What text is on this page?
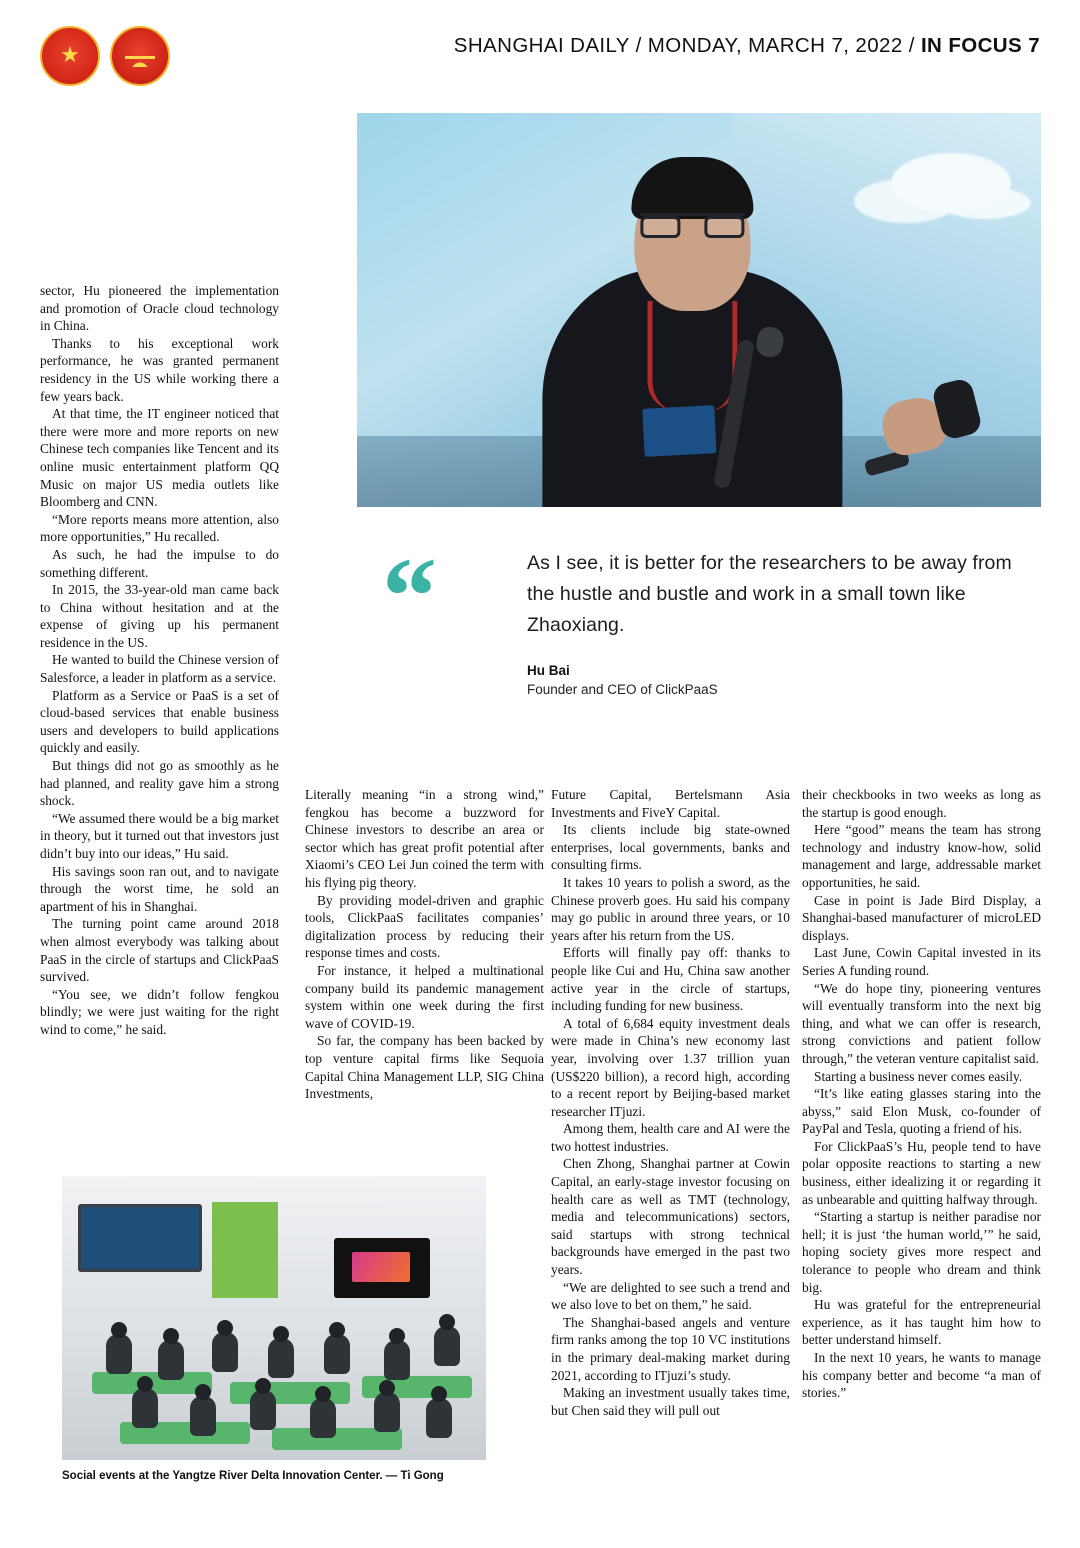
★
SHANGHAI DAILY / MONDAY, MARCH 7, 2022 / IN FOCUS 7
“	As I see, it is better for the researchers to be away from the hustle and bustle and work in a small town like Zhaoxiang.
Hu Bai
Founder and CEO of ClickPaaS

sector, Hu pioneered the implementation and promotion of Oracle cloud technology in China.

Thanks to his exceptional work performance, he was granted permanent residency in the US while working there a few years back.

At that time, the IT engineer noticed that there were more and more reports on new Chinese tech companies like Tencent and its online music entertainment platform QQ Music on major US media outlets like Bloomberg and CNN.

“More reports means more attention, also more opportunities,” Hu recalled.

As such, he had the impulse to do something different.

In 2015, the 33-year-old man came back to China without hesitation and at the expense of giving up his permanent residence in the US.

He wanted to build the Chinese version of Salesforce, a leader in platform as a service.

Platform as a Service or PaaS is a set of cloud-based services that enable business users and developers to build applications quickly and easily.

But things did not go as smoothly as he had planned, and reality gave him a strong shock.

“We assumed there would be a big market in theory, but it turned out that investors just didn’t buy into our ideas,” Hu said.

His savings soon ran out, and to navigate through the worst time, he sold an apartment of his in Shanghai.

The turning point came around 2018 when almost everybody was talking about PaaS in the circle of startups and ClickPaaS survived.

“You see, we didn’t follow fengkou blindly; we were just waiting for the right wind to come,” he said.

Literally meaning “in a strong wind,” fengkou has become a buzzword for Chinese investors to describe an area or sector which has great profit potential after Xiaomi’s CEO Lei Jun coined the term with his flying pig theory.

By providing model-driven and graphic tools, ClickPaaS facilitates companies’ digitalization process by reducing their response times and costs.

For instance, it helped a multinational company build its pandemic management system within one week during the first wave of COVID-19.

So far, the company has been backed by top venture capital firms like Sequoia Capital China Management LLP, SIG China Investments,

Future Capital, Bertelsmann Asia Investments and FiveY Capital.

Its clients include big state-owned enterprises, local governments, banks and consulting firms.

It takes 10 years to polish a sword, as the Chinese proverb goes. Hu said his company may go public in around three years, or 10 years after his return from the US.

Efforts will finally pay off: thanks to people like Cui and Hu, China saw another active year in the circle of startups, including funding for new business.

A total of 6,684 equity investment deals were made in China’s new economy last year, involving over 1.37 trillion yuan (US$220 billion), a record high, according to a recent report by Beijing-based market researcher ITjuzi.

Among them, health care and AI were the two hottest industries.

Chen Zhong, Shanghai partner at Cowin Capital, an early-stage investor focusing on health care as well as TMT (technology, media and telecommunications) sectors, said startups with strong technical backgrounds have emerged in the past two years.

“We are delighted to see such a trend and we also love to bet on them,” he said.

The Shanghai-based angels and venture firm ranks among the top 10 VC institutions in the primary deal-making market during 2021, according to ITjuzi’s study.

Making an investment usually takes time, but Chen said they will pull out

their checkbooks in two weeks as long as the startup is good enough.

Here “good” means the team has strong technology and industry know-how, solid management and large, addressable market opportunities, he said.

Case in point is Jade Bird Display, a Shanghai-based manufacturer of microLED displays.

Last June, Cowin Capital invested in its Series A funding round.

“We do hope tiny, pioneering ventures will eventually transform into the next big thing, and what we can offer is research, strong convictions and patient follow through,” the veteran venture capitalist said.

Starting a business never comes easily.

“It’s like eating glasses staring into the abyss,” said Elon Musk, co-founder of PayPal and Tesla, quoting a friend of his.

For ClickPaaS’s Hu, people tend to have polar opposite reactions to starting a new business, either idealizing it or regarding it as unbearable and quitting halfway through.

“Starting a startup is neither paradise nor hell; it is just ‘the human world,’” he said, hoping society gives more respect and tolerance to people who dream and think big.

Hu was grateful for the entrepreneurial experience, as it has taught him how to better understand himself.

In the next 10 years, he wants to manage his company better and become “a man of stories.”

Social events at the Yangtze River Delta Innovation Center. — Ti Gong
